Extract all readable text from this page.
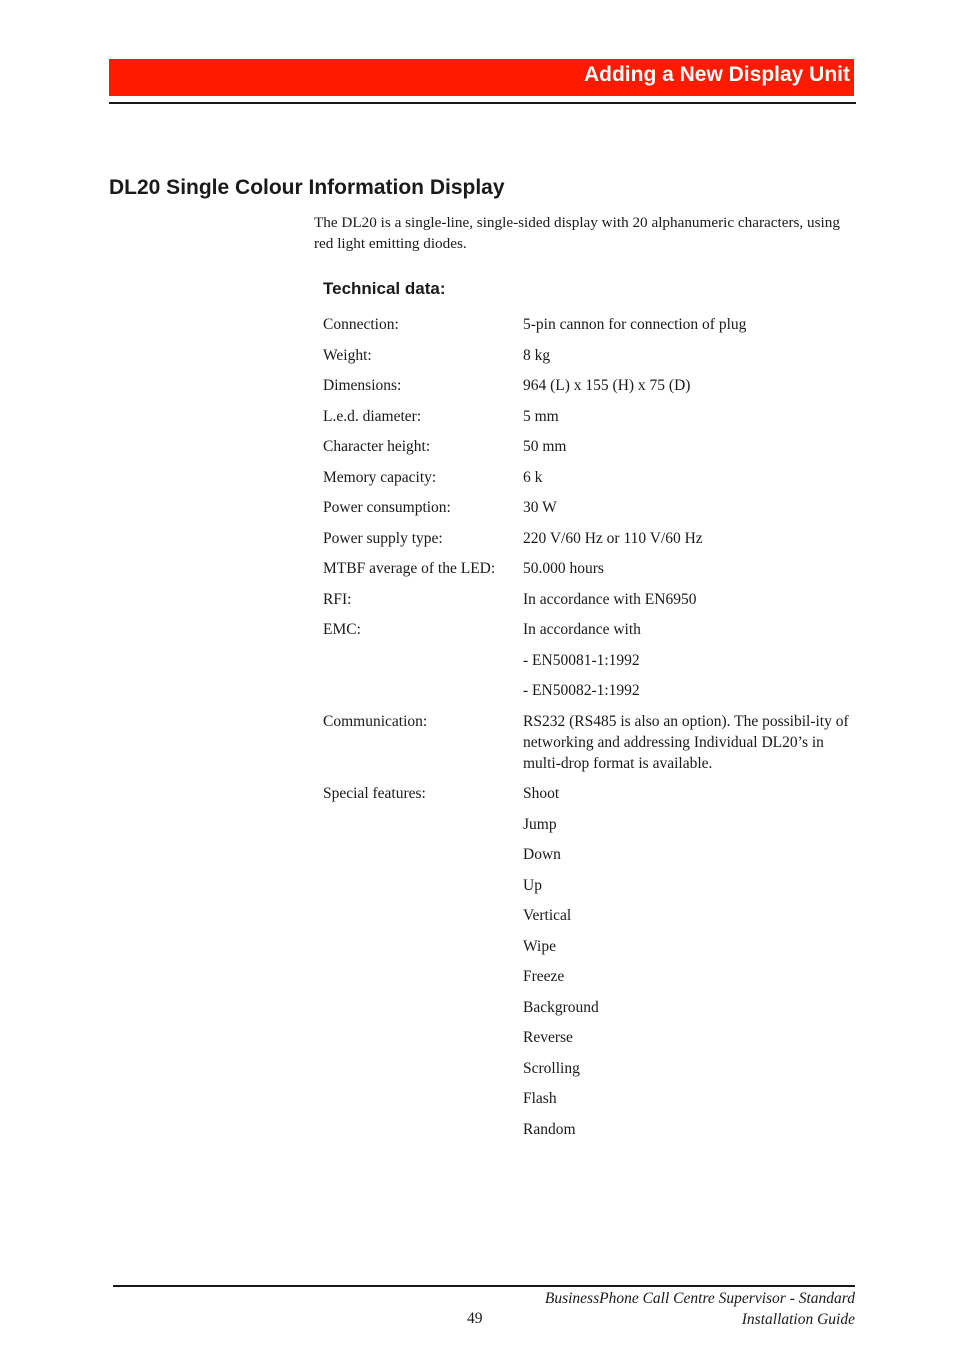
Adding a New Display Unit
DL20 Single Colour Information Display
The DL20 is a single-line, single-sided display with 20 alphanumeric characters, using red light emitting diodes.
Technical data:
Connection:	5-pin cannon for connection of plug
Weight:	8 kg
Dimensions:	964 (L) x 155 (H) x 75 (D)
L.e.d. diameter:	5 mm
Character height:	50 mm
Memory capacity:	6 k
Power consumption:	30 W
Power supply type:	220 V/60 Hz or 110 V/60 Hz
MTBF average of the LED:	50.000 hours
RFI:	In accordance with EN6950
EMC:	In accordance with
- EN50081-1:1992
- EN50082-1:1992
Communication:	RS232 (RS485 is also an option). The possibil-ity of networking and addressing Individual DL20’s in multi-drop format is available.
Special features:	Shoot
Jump
Down
Up
Vertical
Wipe
Freeze
Background
Reverse
Scrolling
Flash
Random
49
BusinessPhone Call Centre Supervisor - Standard
Installation Guide
